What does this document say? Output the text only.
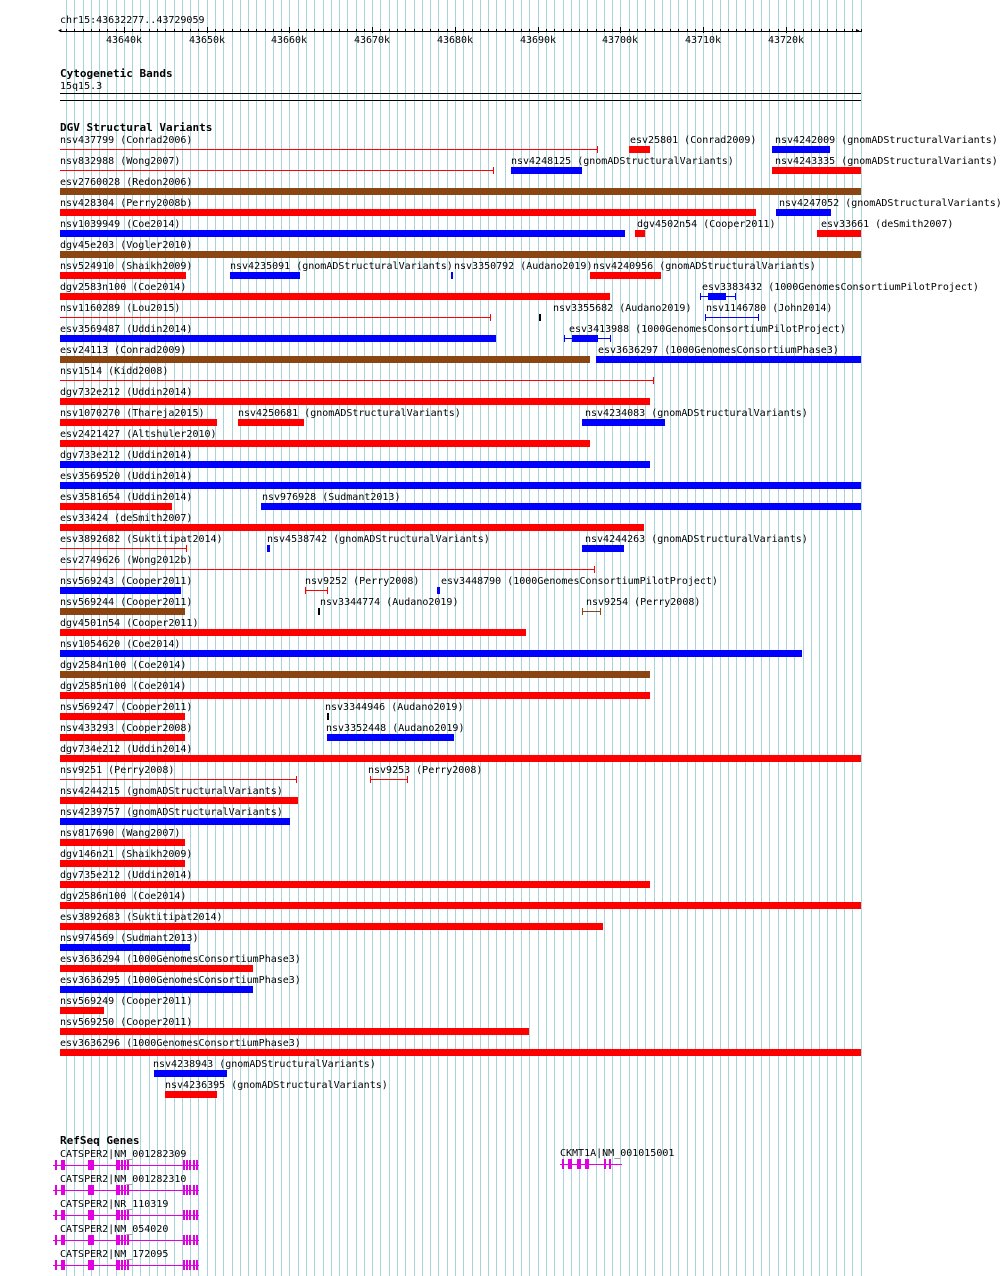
chr15:43632277..43729059
◂	▸
43640k	43650k	43660k	43670k	43680k	43690k	43700k	43710k	43720k
Cytogenetic Bands
15q15.3
DGV Structural Variants
nsv437799 (Conrad2006)	esv25801 (Conrad2009) nsv4242009 (gnomADStructuralVariants)
nsv832988 (Wong2007)	nsv4248125 (gnomADStructuralVariants)	nsv4243335 (gnomADStructuralVariants)
esv2760028 (Redon2006)
nsv428304 (Perry2008b)	nsv4247052 (gnomADStructuralVariants)
nsv1039949 (Coe2014)	dgv4502n54 (Cooper2011)	esv33661 (deSmith2007)
dgv45e203 (Vogler2010)
nsv524910 (Shaikh2009)	nsv4235091 (gnomADStructuralVariants) nsv3350792 (Audano2019) nsv4240956 (gnomADStructuralVariants)
dgv2583n100 (Coe2014)	esv3383432 (1000GenomesConsortiumPilotProject)
nsv1160289 (Lou2015)	nsv3355682 (Audano2019) nsv1146780 (John2014)
esv3569487 (Uddin2014)	esv3413988 (1000GenomesConsortiumPilotProject)
esv24113 (Conrad2009)	esv3636297 (1000GenomesConsortiumPhase3)
nsv1514 (Kidd2008)
dgv732e212 (Uddin2014)
nsv1070270 (Thareja2015)	nsv4250681 (gnomADStructuralVariants)	nsv4234083 (gnomADStructuralVariants)
esv2421427 (Altshuler2010)
dgv733e212 (Uddin2014)
esv3569520 (Uddin2014)
esv3581654 (Uddin2014)	nsv976928 (Sudmant2013)
esv33424 (deSmith2007)
esv3892682 (Suktitipat2014)	nsv4538742 (gnomADStructuralVariants)	nsv4244263 (gnomADStructuralVariants)
esv2749626 (Wong2012b)
nsv569243 (Cooper2011)	nsv9252 (Perry2008) esv3448790 (1000GenomesConsortiumPilotProject)
nsv569244 (Cooper2011)	nsv3344774 (Audano2019)	nsv9254 (Perry2008)
dgv4501n54 (Cooper2011)
nsv1054620 (Coe2014)
dgv2584n100 (Coe2014)
dgv2585n100 (Coe2014)
nsv569247 (Cooper2011)	nsv3344946 (Audano2019)
nsv433293 (Cooper2008)	nsv3352448 (Audano2019)
dgv734e212 (Uddin2014)
nsv9251 (Perry2008)	nsv9253 (Perry2008)
nsv4244215 (gnomADStructuralVariants)
nsv4239757 (gnomADStructuralVariants)
nsv817690 (Wang2007)
dgv146n21 (Shaikh2009)
dgv735e212 (Uddin2014)
dgv2586n100 (Coe2014)
esv3892683 (Suktitipat2014)
nsv974569 (Sudmant2013)
esv3636294 (1000GenomesConsortiumPhase3)
esv3636295 (1000GenomesConsortiumPhase3)
nsv569249 (Cooper2011)
nsv569250 (Cooper2011)
esv3636296 (1000GenomesConsortiumPhase3)
nsv4238943 (gnomADStructuralVariants)
nsv4236395 (gnomADStructuralVariants)
RefSeq Genes
CATSPER2|NM_001282309
CATSPER2|NM_001282310
CATSPER2|NR_110319
CATSPER2|NM_054020
CATSPER2|NM_172095
CKMT1A|NM_001015001
